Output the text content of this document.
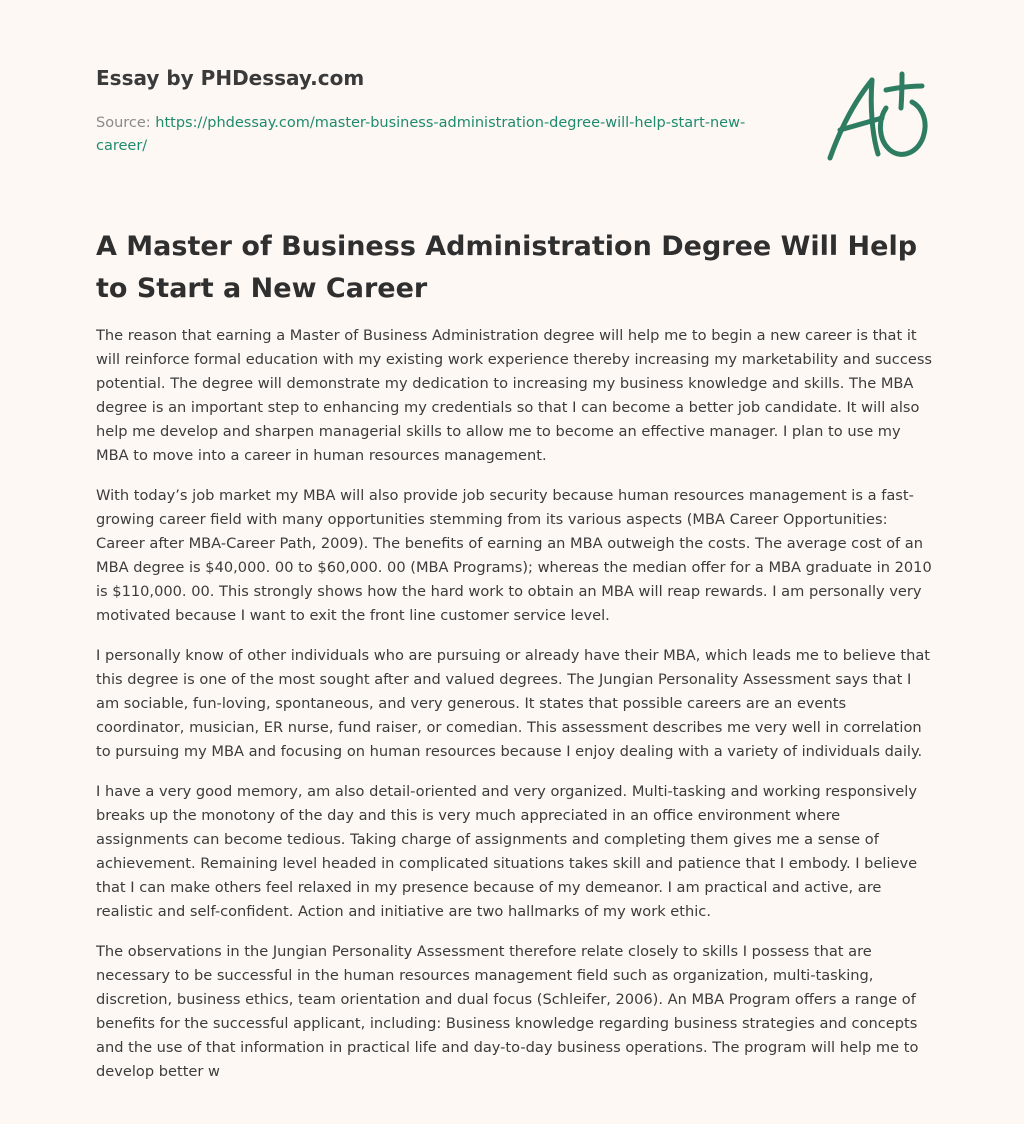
Essay by PHDessay.com
Source: https://phdessay.com/master-business-administration-degree-will-help-start-new-career/
A Master of Business Administration Degree Will Help to Start a New Career

The reason that earning a Master of Business Administration degree will help me to begin a new career is that it will reinforce formal education with my existing work experience thereby increasing my marketability and success potential. The degree will demonstrate my dedication to increasing my business knowledge and skills. The MBA degree is an important step to enhancing my credentials so that I can become a better job candidate. It will also help me develop and sharpen managerial skills to allow me to become an effective manager. I plan to use my MBA to move into a career in human resources management.

With today’s job market my MBA will also provide job security because human resources management is a fast-growing career field with many opportunities stemming from its various aspects (MBA Career Opportunities: Career after MBA-Career Path, 2009). The benefits of earning an MBA outweigh the costs. The average cost of an MBA degree is $40,000. 00 to $60,000. 00 (MBA Programs); whereas the median offer for a MBA graduate in 2010 is $110,000. 00. This strongly shows how the hard work to obtain an MBA will reap rewards. I am personally very motivated because I want to exit the front line customer service level.

I personally know of other individuals who are pursuing or already have their MBA, which leads me to believe that this degree is one of the most sought after and valued degrees. The Jungian Personality Assessment says that I am sociable, fun-loving, spontaneous, and very generous. It states that possible careers are an events coordinator, musician, ER nurse, fund raiser, or comedian. This assessment describes me very well in correlation to pursuing my MBA and focusing on human resources because I enjoy dealing with a variety of individuals daily.

I have a very good memory, am also detail-oriented and very organized. Multi-tasking and working responsively breaks up the monotony of the day and this is very much appreciated in an office environment where assignments can become tedious. Taking charge of assignments and completing them gives me a sense of achievement. Remaining level headed in complicated situations takes skill and patience that I embody. I believe that I can make others feel relaxed in my presence because of my demeanor. I am practical and active, are realistic and self-confident. Action and initiative are two hallmarks of my work ethic.

The observations in the Jungian Personality Assessment therefore relate closely to skills I possess that are necessary to be successful in the human resources management field such as organization, multi-tasking, discretion, business ethics, team orientation and dual focus (Schleifer, 2006). An MBA Program offers a range of benefits for the successful applicant, including: Business knowledge regarding business strategies and concepts and the use of that information in practical life and day-to-day business operations. The program will help me to develop better w
